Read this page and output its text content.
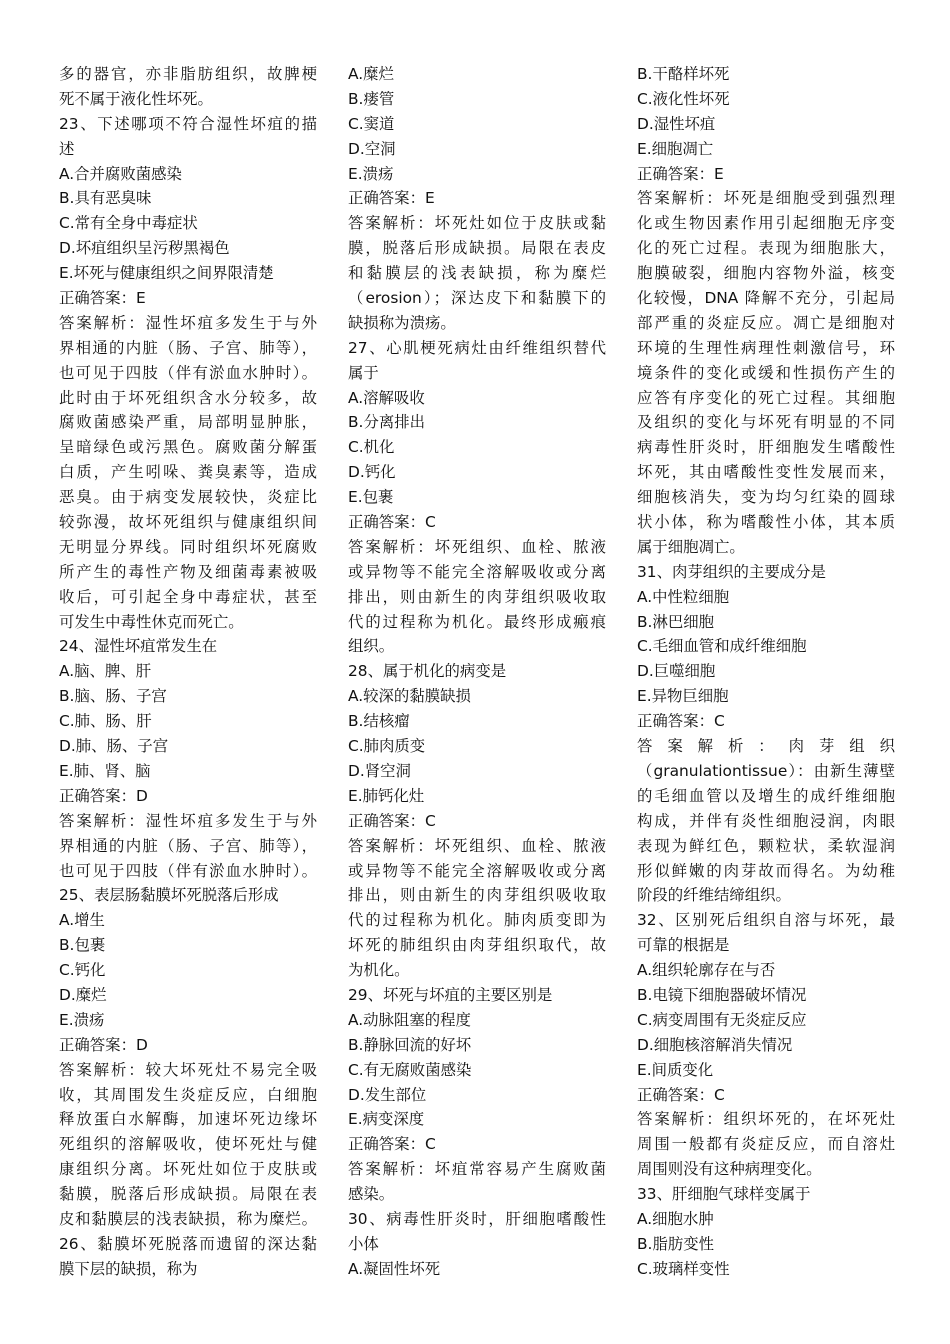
多的器官，亦非脂肪组织，故脾梗
死不属于液化性坏死。
23、下述哪项不符合湿性坏疽的描
述
A.合并腐败菌感染
B.具有恶臭味
C.常有全身中毒症状
D.坏疽组织呈污秽黑褐色
E.坏死与健康组织之间界限清楚
正确答案：E
答案解析：湿性坏疽多发生于与外
界相通的内脏（肠、子宫、肺等），
也可见于四肢（伴有淤血水肿时）。
此时由于坏死组织含水分较多，故
腐败菌感染严重，局部明显肿胀，
呈暗绿色或污黑色。腐败菌分解蛋
白质，产生吲哚、粪臭素等，造成
恶臭。由于病变发展较快，炎症比
较弥漫，故坏死组织与健康组织间
无明显分界线。同时组织坏死腐败
所产生的毒性产物及细菌毒素被吸
收后，可引起全身中毒症状，甚至
可发生中毒性休克而死亡。
24、湿性坏疽常发生在
A.脑、脾、肝
B.脑、肠、子宫
C.肺、肠、肝
D.肺、肠、子宫
E.肺、肾、脑
正确答案：D
答案解析：湿性坏疽多发生于与外
界相通的内脏（肠、子宫、肺等），
也可见于四肢（伴有淤血水肿时）。
25、表层肠黏膜坏死脱落后形成
A.增生
B.包裹
C.钙化
D.糜烂
E.溃疡
正确答案：D
答案解析：较大坏死灶不易完全吸
收，其周围发生炎症反应，白细胞
释放蛋白水解酶，加速坏死边缘坏
死组织的溶解吸收，使坏死灶与健
康组织分离。坏死灶如位于皮肤或
黏膜，脱落后形成缺损。局限在表
皮和黏膜层的浅表缺损，称为糜烂。
26、黏膜坏死脱落而遗留的深达黏
膜下层的缺损，称为
A.糜烂
B.瘘管
C.窦道
D.空洞
E.溃疡
正确答案：E
答案解析：坏死灶如位于皮肤或黏
膜，脱落后形成缺损。局限在表皮
和黏膜层的浅表缺损，称为糜烂
（erosion）；深达皮下和黏膜下的
缺损称为溃疡。
27、心肌梗死病灶由纤维组织替代
属于
A.溶解吸收
B.分离排出
C.机化
D.钙化
E.包裹
正确答案：C
答案解析：坏死组织、血栓、脓液
或异物等不能完全溶解吸收或分离
排出，则由新生的肉芽组织吸收取
代的过程称为机化。最终形成瘢痕
组织。
28、属于机化的病变是
A.较深的黏膜缺损
B.结核瘤
C.肺肉质变
D.肾空洞
E.肺钙化灶
正确答案：C
答案解析：坏死组织、血栓、脓液
或异物等不能完全溶解吸收或分离
排出，则由新生的肉芽组织吸收取
代的过程称为机化。肺肉质变即为
坏死的肺组织由肉芽组织取代，故
为机化。
29、坏死与坏疽的主要区别是
A.动脉阻塞的程度
B.静脉回流的好坏
C.有无腐败菌感染
D.发生部位
E.病变深度
正确答案：C
答案解析：坏疽常容易产生腐败菌
感染。
30、病毒性肝炎时，肝细胞嗜酸性
小体
A.凝固性坏死
B.干酪样坏死
C.液化性坏死
D.湿性坏疽
E.细胞凋亡
正确答案：E
答案解析：坏死是细胞受到强烈理
化或生物因素作用引起细胞无序变
化的死亡过程。表现为细胞胀大，
胞膜破裂，细胞内容物外溢，核变
化较慢，DNA 降解不充分，引起局
部严重的炎症反应。凋亡是细胞对
环境的生理性病理性刺激信号，环
境条件的变化或缓和性损伤产生的
应答有序变化的死亡过程。其细胞
及组织的变化与坏死有明显的不同
病毒性肝炎时，肝细胞发生嗜酸性
坏死，其由嗜酸性变性发展而来，
细胞核消失，变为均匀红染的圆球
状小体，称为嗜酸性小体，其本质
属于细胞凋亡。
31、肉芽组织的主要成分是
A.中性粒细胞
B.淋巴细胞
C.毛细血管和成纤维细胞
D.巨噬细胞
E.异物巨细胞
正确答案：C
答案解析：肉芽组织
（granulationtissue）：由新生薄壁
的毛细血管以及增生的成纤维细胞
构成，并伴有炎性细胞浸润，肉眼
表现为鲜红色，颗粒状，柔软湿润
形似鲜嫩的肉芽故而得名。为幼稚
阶段的纤维结缔组织。
32、区别死后组织自溶与坏死，最
可靠的根据是
A.组织轮廓存在与否
B.电镜下细胞器破坏情况
C.病变周围有无炎症反应
D.细胞核溶解消失情况
E.间质变化
正确答案：C
答案解析：组织坏死的，在坏死灶
周围一般都有炎症反应，而自溶灶
周围则没有这种病理变化。
33、肝细胞气球样变属于
A.细胞水肿
B.脂肪变性
C.玻璃样变性
